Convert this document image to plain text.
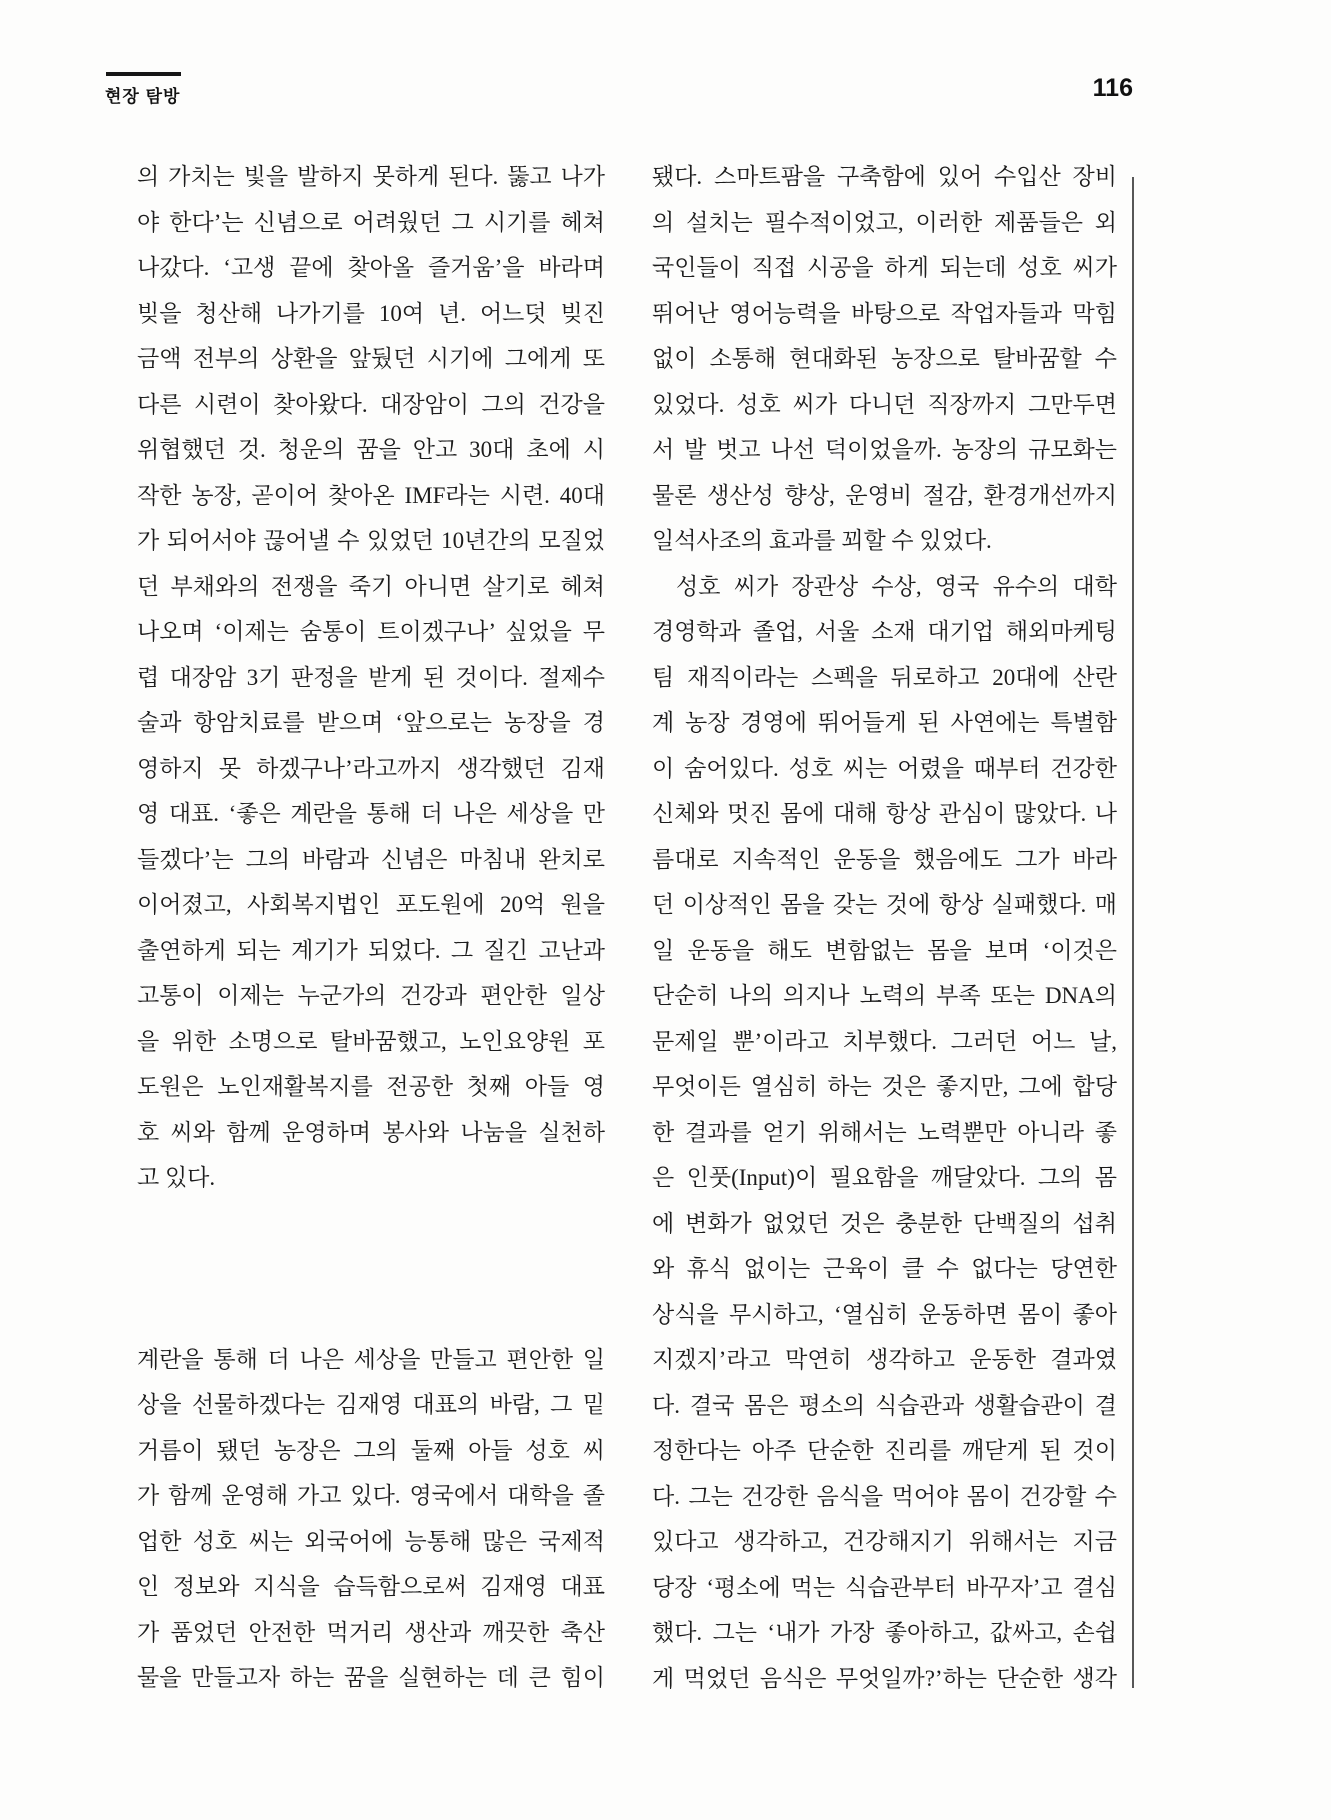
현장 탐방	116
의 가치는 빛을 발하지 못하게 된다. 뚫고 나가
야 한다’는 신념으로 어려웠던 그 시기를 헤쳐
나갔다. ‘고생 끝에 찾아올 즐거움’을 바라며
빚을 청산해 나가기를 10여 년. 어느덧 빚진
금액 전부의 상환을 앞뒀던 시기에 그에게 또
다른 시련이 찾아왔다. 대장암이 그의 건강을
위협했던 것. 청운의 꿈을 안고 30대 초에 시
작한 농장, 곧이어 찾아온 IMF라는 시련. 40대
가 되어서야 끊어낼 수 있었던 10년간의 모질었
던 부채와의 전쟁을 죽기 아니면 살기로 헤쳐
나오며 ‘이제는 숨통이 트이겠구나’ 싶었을 무
렵 대장암 3기 판정을 받게 된 것이다. 절제수
술과 항암치료를 받으며 ‘앞으로는 농장을 경
영하지 못 하겠구나’라고까지 생각했던 김재
영 대표. ‘좋은 계란을 통해 더 나은 세상을 만
들겠다’는 그의 바람과 신념은 마침내 완치로
이어졌고, 사회복지법인 포도원에 20억 원을
출연하게 되는 계기가 되었다. 그 질긴 고난과
고통이 이제는 누군가의 건강과 편안한 일상
을 위한 소명으로 탈바꿈했고, 노인요양원 포
도원은 노인재활복지를 전공한 첫째 아들 영
호 씨와 함께 운영하며 봉사와 나눔을 실천하
고 있다.
계란을 통해 더 나은 세상을 만들고 편안한 일
상을 선물하겠다는 김재영 대표의 바람, 그 밑
거름이 됐던 농장은 그의 둘째 아들 성호 씨
가 함께 운영해 가고 있다. 영국에서 대학을 졸
업한 성호 씨는 외국어에 능통해 많은 국제적
인 정보와 지식을 습득함으로써 김재영 대표
가 품었던 안전한 먹거리 생산과 깨끗한 축산
물을 만들고자 하는 꿈을 실현하는 데 큰 힘이
됐다. 스마트팜을 구축함에 있어 수입산 장비
의 설치는 필수적이었고, 이러한 제품들은 외
국인들이 직접 시공을 하게 되는데 성호 씨가
뛰어난 영어능력을 바탕으로 작업자들과 막힘
없이 소통해 현대화된 농장으로 탈바꿈할 수
있었다. 성호 씨가 다니던 직장까지 그만두면
서 발 벗고 나선 덕이었을까. 농장의 규모화는
물론 생산성 향상, 운영비 절감, 환경개선까지
일석사조의 효과를 꾀할 수 있었다.
성호 씨가 장관상 수상, 영국 유수의 대학
경영학과 졸업, 서울 소재 대기업 해외마케팅
팀 재직이라는 스펙을 뒤로하고 20대에 산란
계 농장 경영에 뛰어들게 된 사연에는 특별함
이 숨어있다. 성호 씨는 어렸을 때부터 건강한
신체와 멋진 몸에 대해 항상 관심이 많았다. 나
름대로 지속적인 운동을 했음에도 그가 바라
던 이상적인 몸을 갖는 것에 항상 실패했다. 매
일 운동을 해도 변함없는 몸을 보며 ‘이것은
단순히 나의 의지나 노력의 부족 또는 DNA의
문제일 뿐’이라고 치부했다. 그러던 어느 날,
무엇이든 열심히 하는 것은 좋지만, 그에 합당
한 결과를 얻기 위해서는 노력뿐만 아니라 좋
은 인풋(Input)이 필요함을 깨달았다. 그의 몸
에 변화가 없었던 것은 충분한 단백질의 섭취
와 휴식 없이는 근육이 클 수 없다는 당연한
상식을 무시하고, ‘열심히 운동하면 몸이 좋아
지겠지’라고 막연히 생각하고 운동한 결과였
다. 결국 몸은 평소의 식습관과 생활습관이 결
정한다는 아주 단순한 진리를 깨닫게 된 것이
다. 그는 건강한 음식을 먹어야 몸이 건강할 수
있다고 생각하고, 건강해지기 위해서는 지금
당장 ‘평소에 먹는 식습관부터 바꾸자’고 결심
했다. 그는 ‘내가 가장 좋아하고, 값싸고, 손쉽
게 먹었던 음식은 무엇일까?’하는 단순한 생각
